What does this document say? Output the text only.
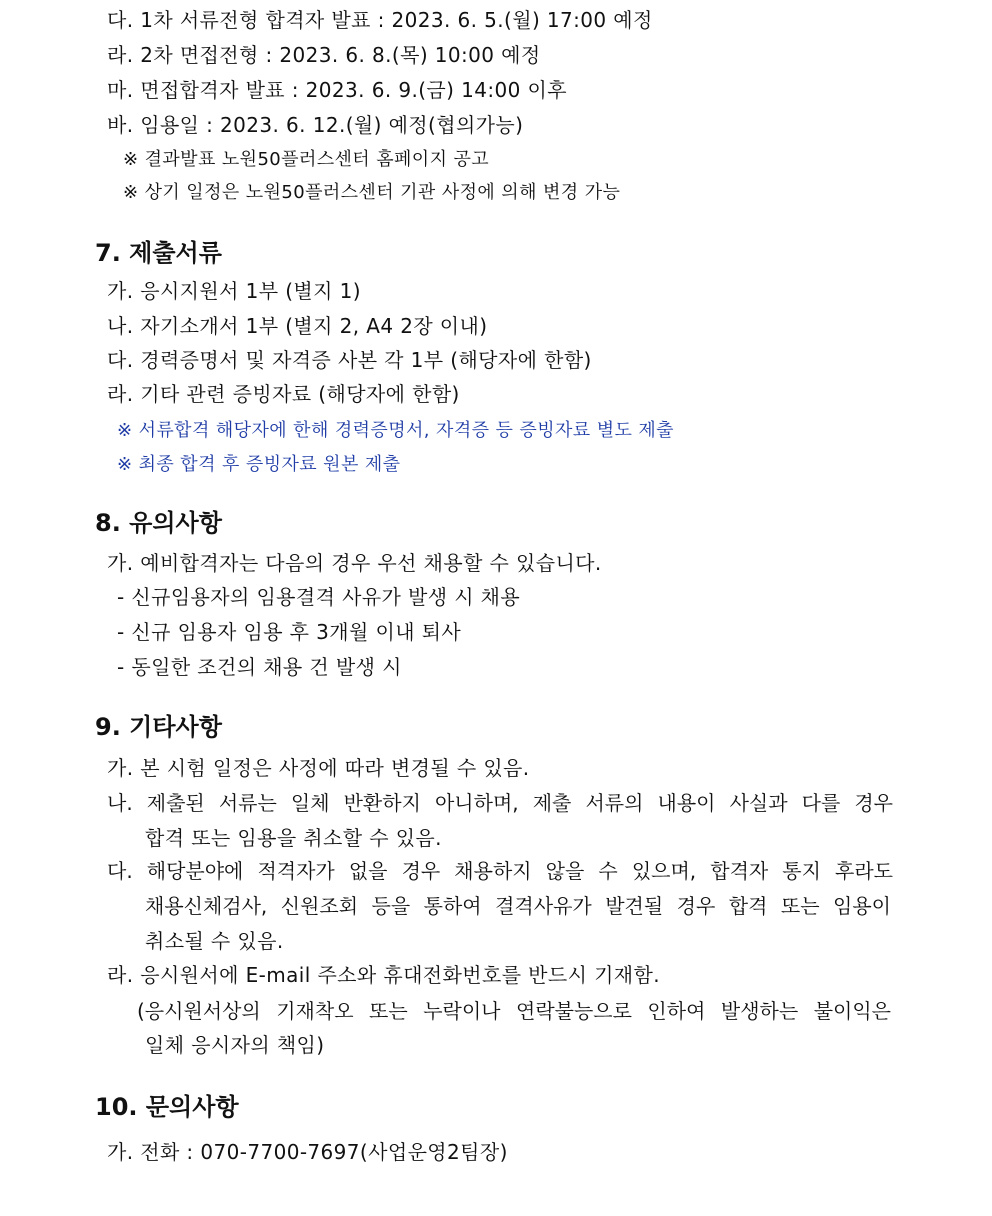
다. 1차 서류전형 합격자 발표 : 2023. 6. 5.(월) 17:00 예정
라. 2차 면접전형 : 2023. 6. 8.(목) 10:00 예정
마. 면접합격자 발표 : 2023. 6. 9.(금) 14:00 이후
바. 임용일 : 2023. 6. 12.(월) 예정(협의가능)
※ 결과발표 노원50플러스센터 홈페이지 공고
※ 상기 일정은 노원50플러스센터 기관 사정에 의해 변경 가능
7. 제출서류
가. 응시지원서 1부 (별지 1)
나. 자기소개서 1부 (별지 2, A4 2장 이내)
다. 경력증명서 및 자격증 사본 각 1부 (해당자에 한함)
라. 기타 관련 증빙자료 (해당자에 한함)
※ 서류합격 해당자에 한해 경력증명서, 자격증 등 증빙자료 별도 제출
※ 최종 합격 후 증빙자료 원본 제출
8. 유의사항
가. 예비합격자는 다음의 경우 우선 채용할 수 있습니다.
- 신규임용자의 임용결격 사유가 발생 시 채용
- 신규 임용자 임용 후 3개월 이내 퇴사
- 동일한 조건의 채용 건 발생 시
9. 기타사항
가. 본 시험 일정은 사정에 따라 변경될 수 있음.
나. 제출된 서류는 일체 반환하지 아니하며, 제출 서류의 내용이 사실과 다를 경우
합격 또는 임용을 취소할 수 있음.
다. 해당분야에 적격자가 없을 경우 채용하지 않을 수 있으며, 합격자 통지 후라도
채용신체검사, 신원조회 등을 통하여 결격사유가 발견될 경우 합격 또는 임용이
취소될 수 있음.
라. 응시원서에 E-mail 주소와 휴대전화번호를 반드시 기재함.
(응시원서상의 기재착오 또는 누락이나 연락불능으로 인하여 발생하는 불이익은
일체 응시자의 책임)
10. 문의사항
가. 전화 : 070-7700-7697(사업운영2팀장)
